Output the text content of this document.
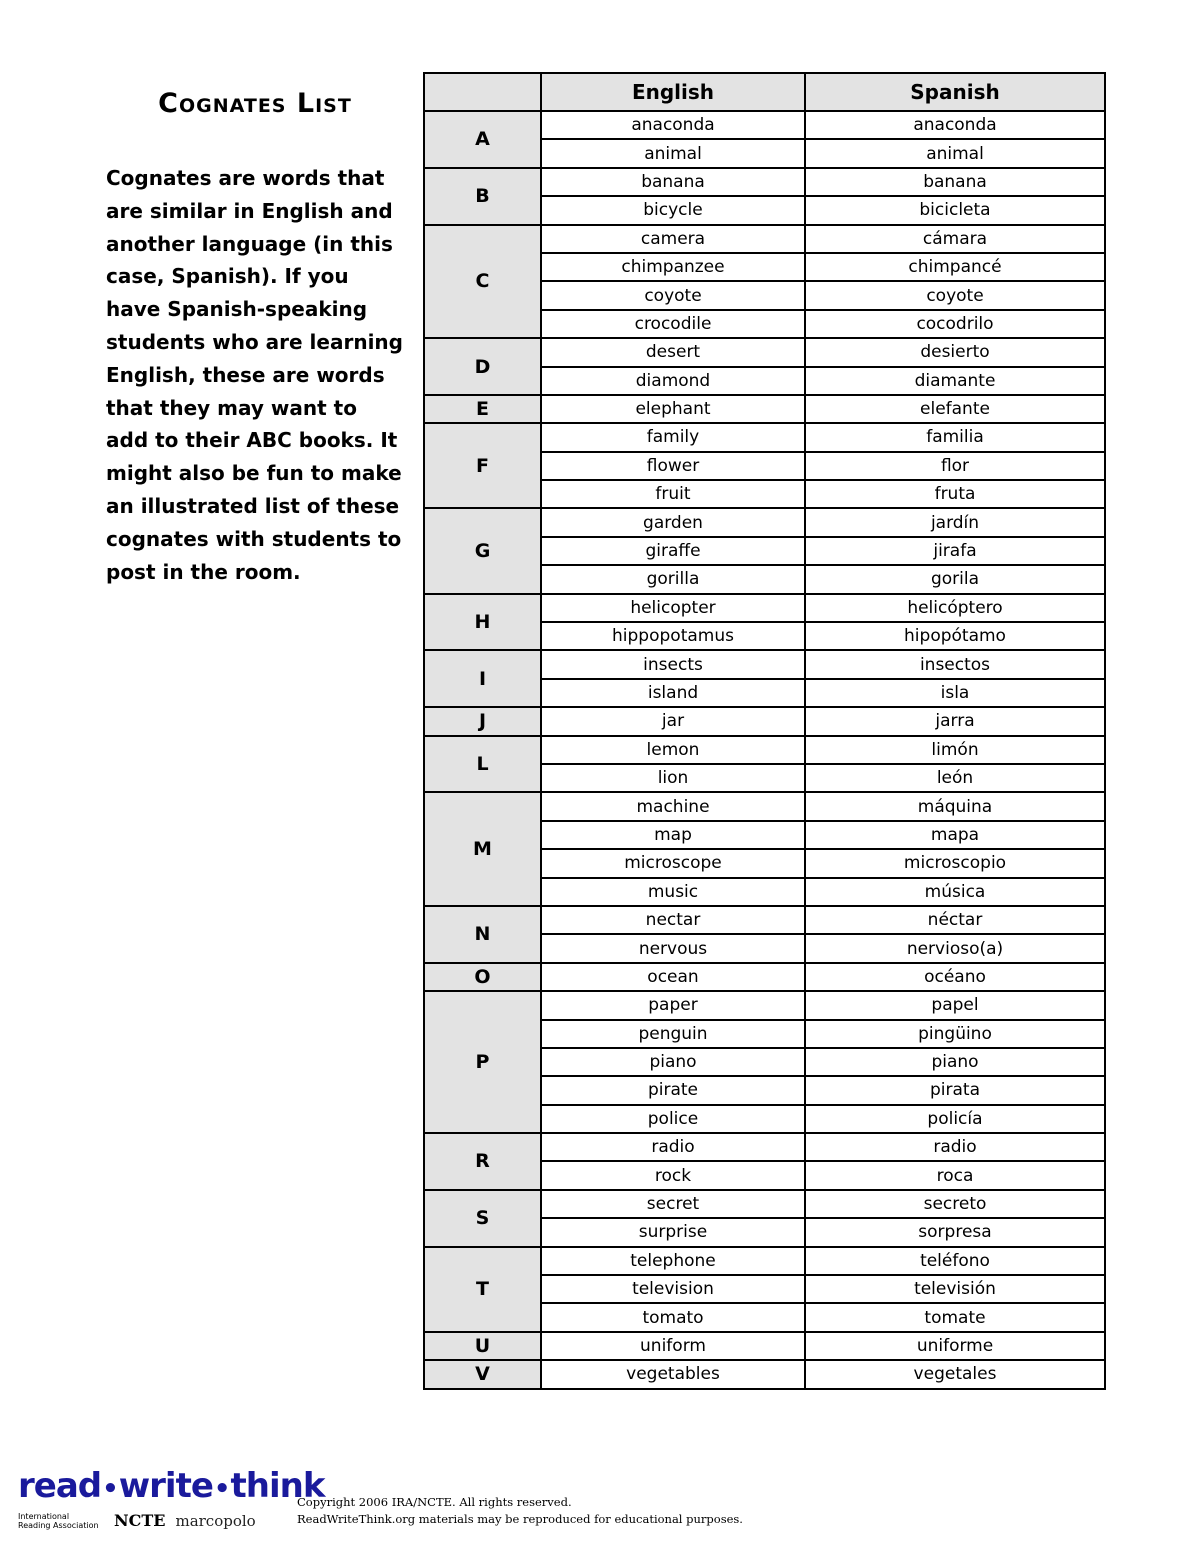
Cognates List

Cognates are words that are similar in English and another language (in this case, Spanish). If you have Spanish-speaking students who are learning English, these are words that they may want to add to their ABC books. It might also be fun to make an illustrated list of these cognates with students to post in the room.

	English	Spanish
A	anaconda	anaconda
	animal	animal
B	banana	banana
	bicycle	bicicleta
C	camera	cámara
	chimpanzee	chimpancé
	coyote	coyote
	crocodile	cocodrilo
D	desert	desierto
	diamond	diamante
E	elephant	elefante
F	family	familia
	flower	flor
	fruit	fruta
G	garden	jardín
	giraffe	jirafa
	gorilla	gorila
H	helicopter	helicóptero
	hippopotamus	hipopótamo
I	insects	insectos
	island	isla
J	jar	jarra
L	lemon	limón
	lion	león
M	machine	máquina
	map	mapa
	microscope	microscopio
	music	música
N	nectar	néctar
	nervous	nervioso(a)
O	ocean	océano
P	paper	papel
	penguin	pingüino
	piano	piano
	pirate	pirata
	police	policía
R	radio	radio
	rock	roca
S	secret	secreto
	surprise	sorpresa
T	telephone	teléfono
	television	televisión
	tomato	tomate
U	uniform	uniforme
V	vegetables	vegetales
read•write•think
International Reading Association NCTE marcopolo
Copyright 2006 IRA/NCTE. All rights reserved.
ReadWriteThink.org materials may be reproduced for educational purposes.
